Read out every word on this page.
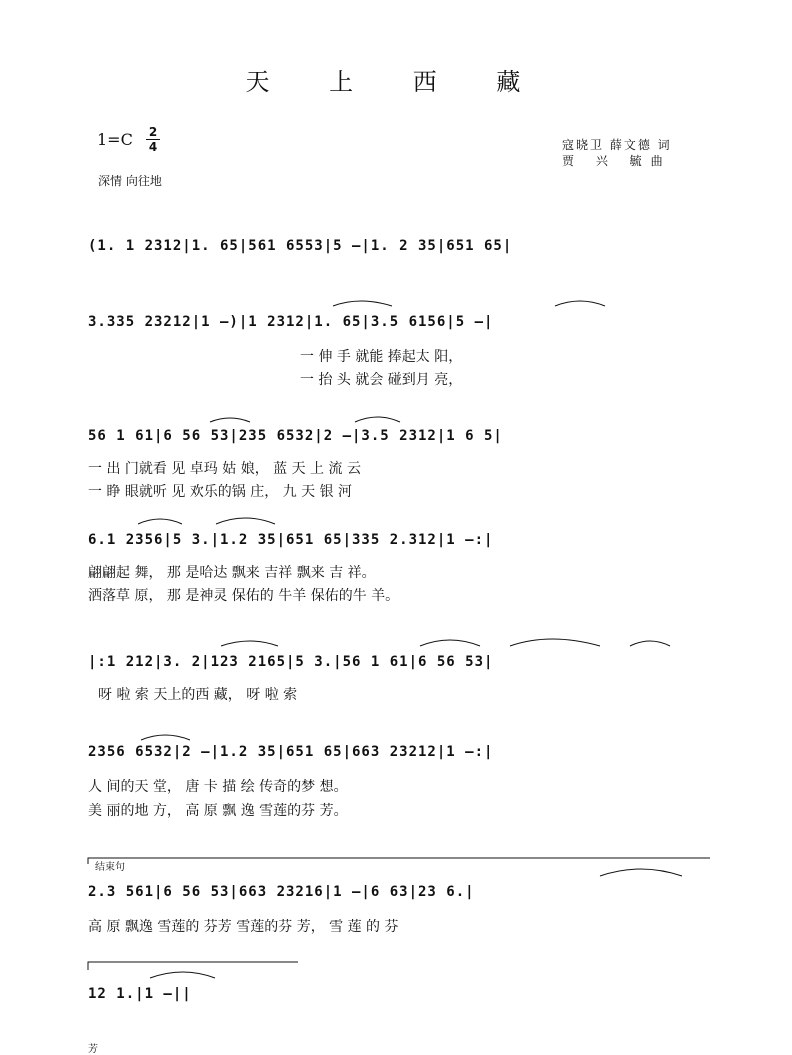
天 上 西 藏
1=C 2
4
深情 向往地
寇晓卫 薛文德 词
贾 兴 毓曲
(1. 1 2312|1. 65|561 6553|5 –|1. 2 35|651 65|
3.335 23212|1 –)|1 2312|1. 65|3.5 6156|5 –|
一 伸 手 就能 捧起太 阳，
一 抬 头 就会 碰到月 亮，
56 1 61|6 56 53|235 6532|2 –|3.5 2312|1 6 5|
一 出 门就看 见 卓玛 姑 娘， 蓝 天 上 流 云
一 睁 眼就听 见 欢乐的锅 庄， 九 天 银 河
6.1 2356|5 3.|1.2 35|651 65|335 2.312|1 –:|
翩翩起 舞， 那 是哈达 飘来 吉祥 飘来 吉 祥。
洒落草 原， 那 是神灵 保佑的 牛羊 保佑的牛 羊。
|:1 212|3. 2|123 2165|5 3.|56 1 61|6 56 53|
呀 啦 索 天上的西 藏， 呀 啦 索
2356 6532|2 –|1.2 35|651 65|663 23212|1 –:|
人 间的天 堂， 唐 卡 描 绘 传奇的梦 想。
美 丽的地 方， 高 原 飘 逸 雪莲的芬 芳。
结束句
2.3 561|6 56 53|663 23216|1 –|6 63|23 6.|
高 原 飘逸 雪莲的 芬芳 雪莲的芬 芳， 雪 莲 的 芬
12 1.|1 –||
芳
